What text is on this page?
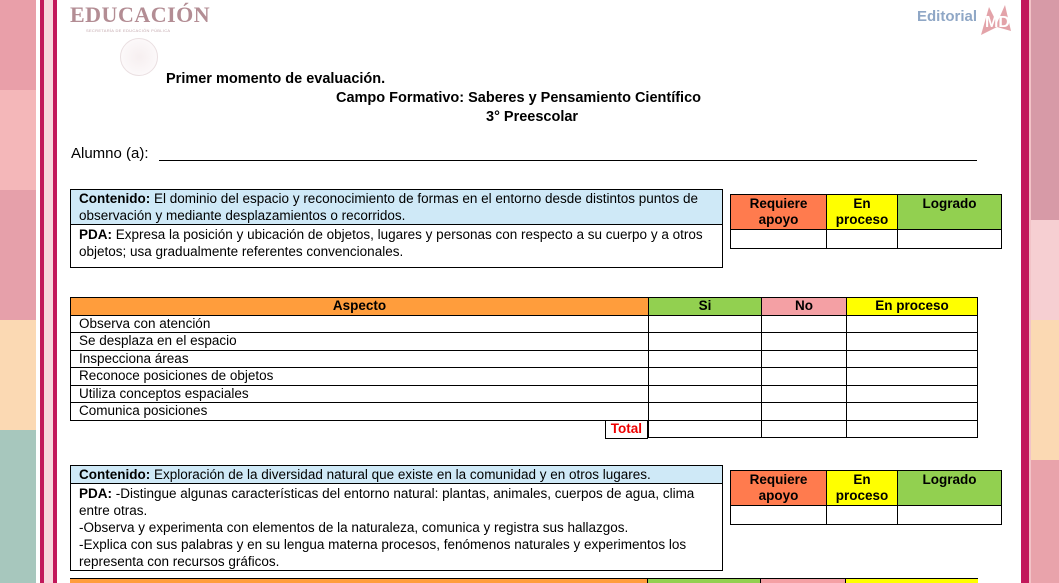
EDUCACIÓN
SECRETARÍA DE EDUCACIÓN PÚBLICA
Editorial MD
Primer momento de evaluación.
Campo Formativo: Saberes y Pensamiento Científico
3° Preescolar
Alumno (a):
Contenido: El dominio del espacio y reconocimiento de formas en el entorno desde distintos puntos de observación y mediante desplazamientos o recorridos.
PDA: Expresa la posición y ubicación de objetos, lugares y personas con respecto a su cuerpo y a otros objetos; usa gradualmente referentes convencionales.
Requiere apoyo	En proceso	Logrado

Aspecto	Si	No	En proceso
Observa con atención			
Se desplaza en el espacio			
Inspecciona áreas			
Reconoce posiciones de objetos			
Utiliza conceptos espaciales			
Comunica posiciones			

Total			

Contenido: Exploración de la diversidad natural que existe en la comunidad y en otros lugares.
PDA: -Distingue algunas características del entorno natural: plantas, animales, cuerpos de agua, clima entre otras.
-Observa y experimenta con elementos de la naturaleza, comunica y registra sus hallazgos.
-Explica con sus palabras y en su lengua materna procesos, fenómenos naturales y experimentos los representa con recursos gráficos.
Requiere apoyo	En proceso	Logrado
